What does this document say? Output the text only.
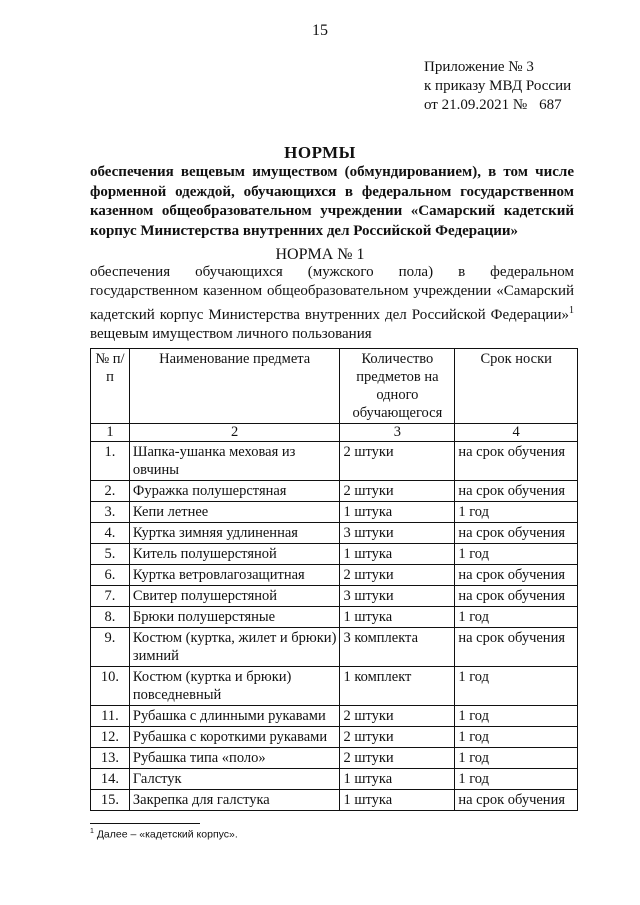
15
Приложение № 3
к приказу МВД России
от 21.09.2021 № 687
НОРМЫ
обеспечения вещевым имуществом (обмундированием), в том числе форменной одеждой, обучающихся в федеральном государственном казенном общеобразовательном учреждении «Самарский кадетский корпус Министерства внутренних дел Российской Федерации»
НОРМА № 1
обеспечения обучающихся (мужского пола) в федеральном государственном казенном общеобразовательном учреждении «Самарский кадетский корпус Министерства внутренних дел Российской Федерации»$^1$ вещевым имуществом личного пользования
№ п/п	Наименование предмета	Количество предметов на одного обучающегося	Срок носки
1	2	3	4
1.	Шапка-ушанка меховая из овчины	2 штуки	на срок обучения
2.	Фуражка полушерстяная	2 штуки	на срок обучения
3.	Кепи летнее	1 штука	1 год
4.	Куртка зимняя удлиненная	3 штуки	на срок обучения
5.	Китель полушерстяной	1 штука	1 год
6.	Куртка ветровлагозащитная	2 штуки	на срок обучения
7.	Свитер полушерстяной	3 штуки	на срок обучения
8.	Брюки полушерстяные	1 штука	1 год
9.	Костюм (куртка, жилет и брюки) зимний	3 комплекта	на срок обучения
10.	Костюм (куртка и брюки) повседневный	1 комплект	1 год
11.	Рубашка с длинными рукавами	2 штуки	1 год
12.	Рубашка с короткими рукавами	2 штуки	1 год
13.	Рубашка типа «поло»	2 штуки	1 год
14.	Галстук	1 штука	1 год
15.	Закрепка для галстука	1 штука	на срок обучения
$^1$ Далее – «кадетский корпус».
